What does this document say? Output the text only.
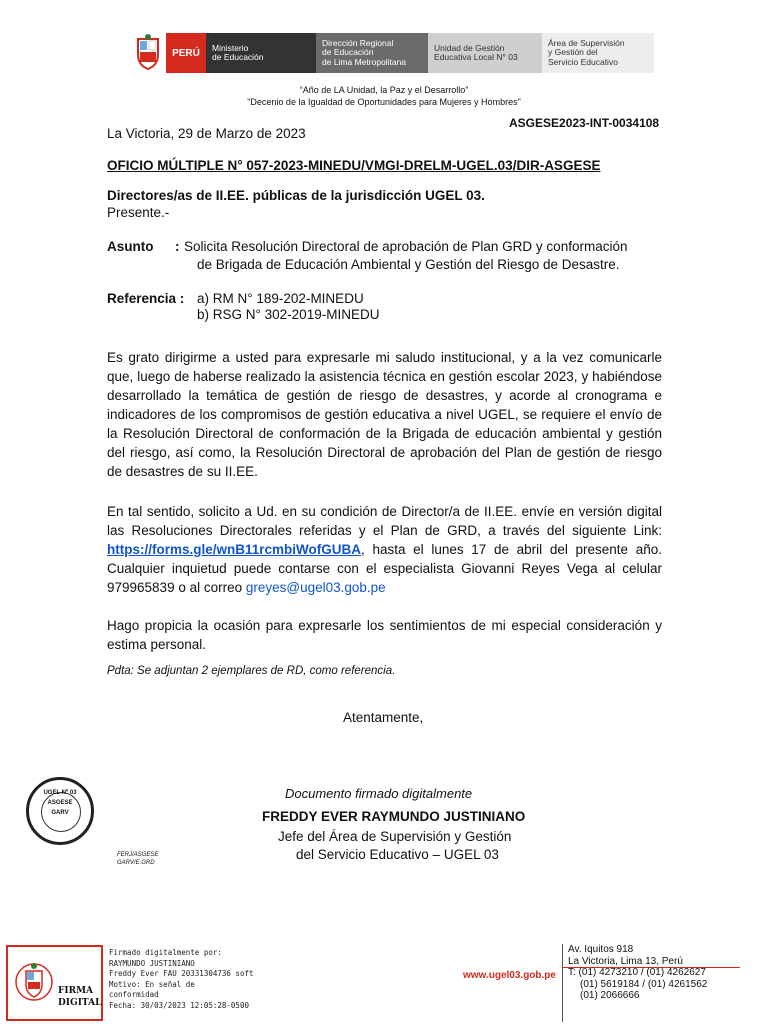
PERÚ	Ministerio
de Educación
Dirección Regional
de Educación
de Lima Metropolitana
Unidad de Gestión
Educativa Local N° 03
Área de Supervisión
y Gestión del
Servicio Educativo
“Año de LA Unidad, la Paz y el Desarrollo”
"Decenio de la Igualdad de Oportunidades para Mujeres y Hombres"
La Victoria, 29 de Marzo de 2023
ASGESE2023-INT-0034108
OFICIO MÚLTIPLE N° 057-2023-MINEDU/VMGI-DRELM-UGEL.03/DIR-ASGESE
Directores/as de II.EE. públicas de la jurisdicción UGEL 03.
Presente.-
Asunto : Solicita Resolución Directoral de aprobación de Plan GRD y conformación
de Brigada de Educación Ambiental y Gestión del Riesgo de Desastre.
Referencia : a) RM N° 189-202-MINEDU
b) RSG N° 302-2019-MINEDU
Es grato dirigirme a usted para expresarle mi saludo institucional, y a la vez comunicarle que, luego de haberse realizado la asistencia técnica en gestión escolar 2023, y habiéndose desarrollado la temática de gestión de riesgo de desastres, y acorde al cronograma e indicadores de los compromisos de gestión educativa a nivel UGEL, se requiere el envío de la Resolución Directoral de conformación de la Brigada de educación ambiental y gestión del riesgo, así como, la Resolución Directoral de aprobación del Plan de gestión de riesgo de desastres de su II.EE.
En tal sentido, solicito a Ud. en su condición de Director/a de II.EE. envíe en versión digital las Resoluciones Directorales referidas y el Plan de GRD, a través del siguiente Link: https://forms.gle/wnB11rcmbiWofGUBA, hasta el lunes 17 de abril del presente año. Cualquier inquietud puede contarse con el especialista Giovanni Reyes Vega al celular 979965839 o al correo greyes@ugel03.gob.pe
Hago propicia la ocasión para expresarle los sentimientos de mi especial consideración y estima personal.
Pdta: Se adjuntan 2 ejemplares de RD, como referencia.
Atentamente,
UGEL Nº 03
ASGESE
GARV
Documento firmado digitalmente
FREDDY EVER RAYMUNDO JUSTINIANO
Jefe del Área de Supervisión y Gestión
del Servicio Educativo – UGEL 03
FERJ/ASGESE
GARV/E.GRD
FIRMA
DIGITAL
Firmado digitalmente por:
RAYMUNDO JUSTINIANO
Freddy Ever FAU 20331304736 soft
Motivo: En señal de
conformidad
Fecha: 30/03/2023 12:05:28-0500
www.ugel03.gob.pe
Av. Iquitos 918
La Victoria, Lima 13, Perú
T: (01) 4273210 / (01) 4262627
(01) 5619184 / (01) 4261562
(01) 2066666
